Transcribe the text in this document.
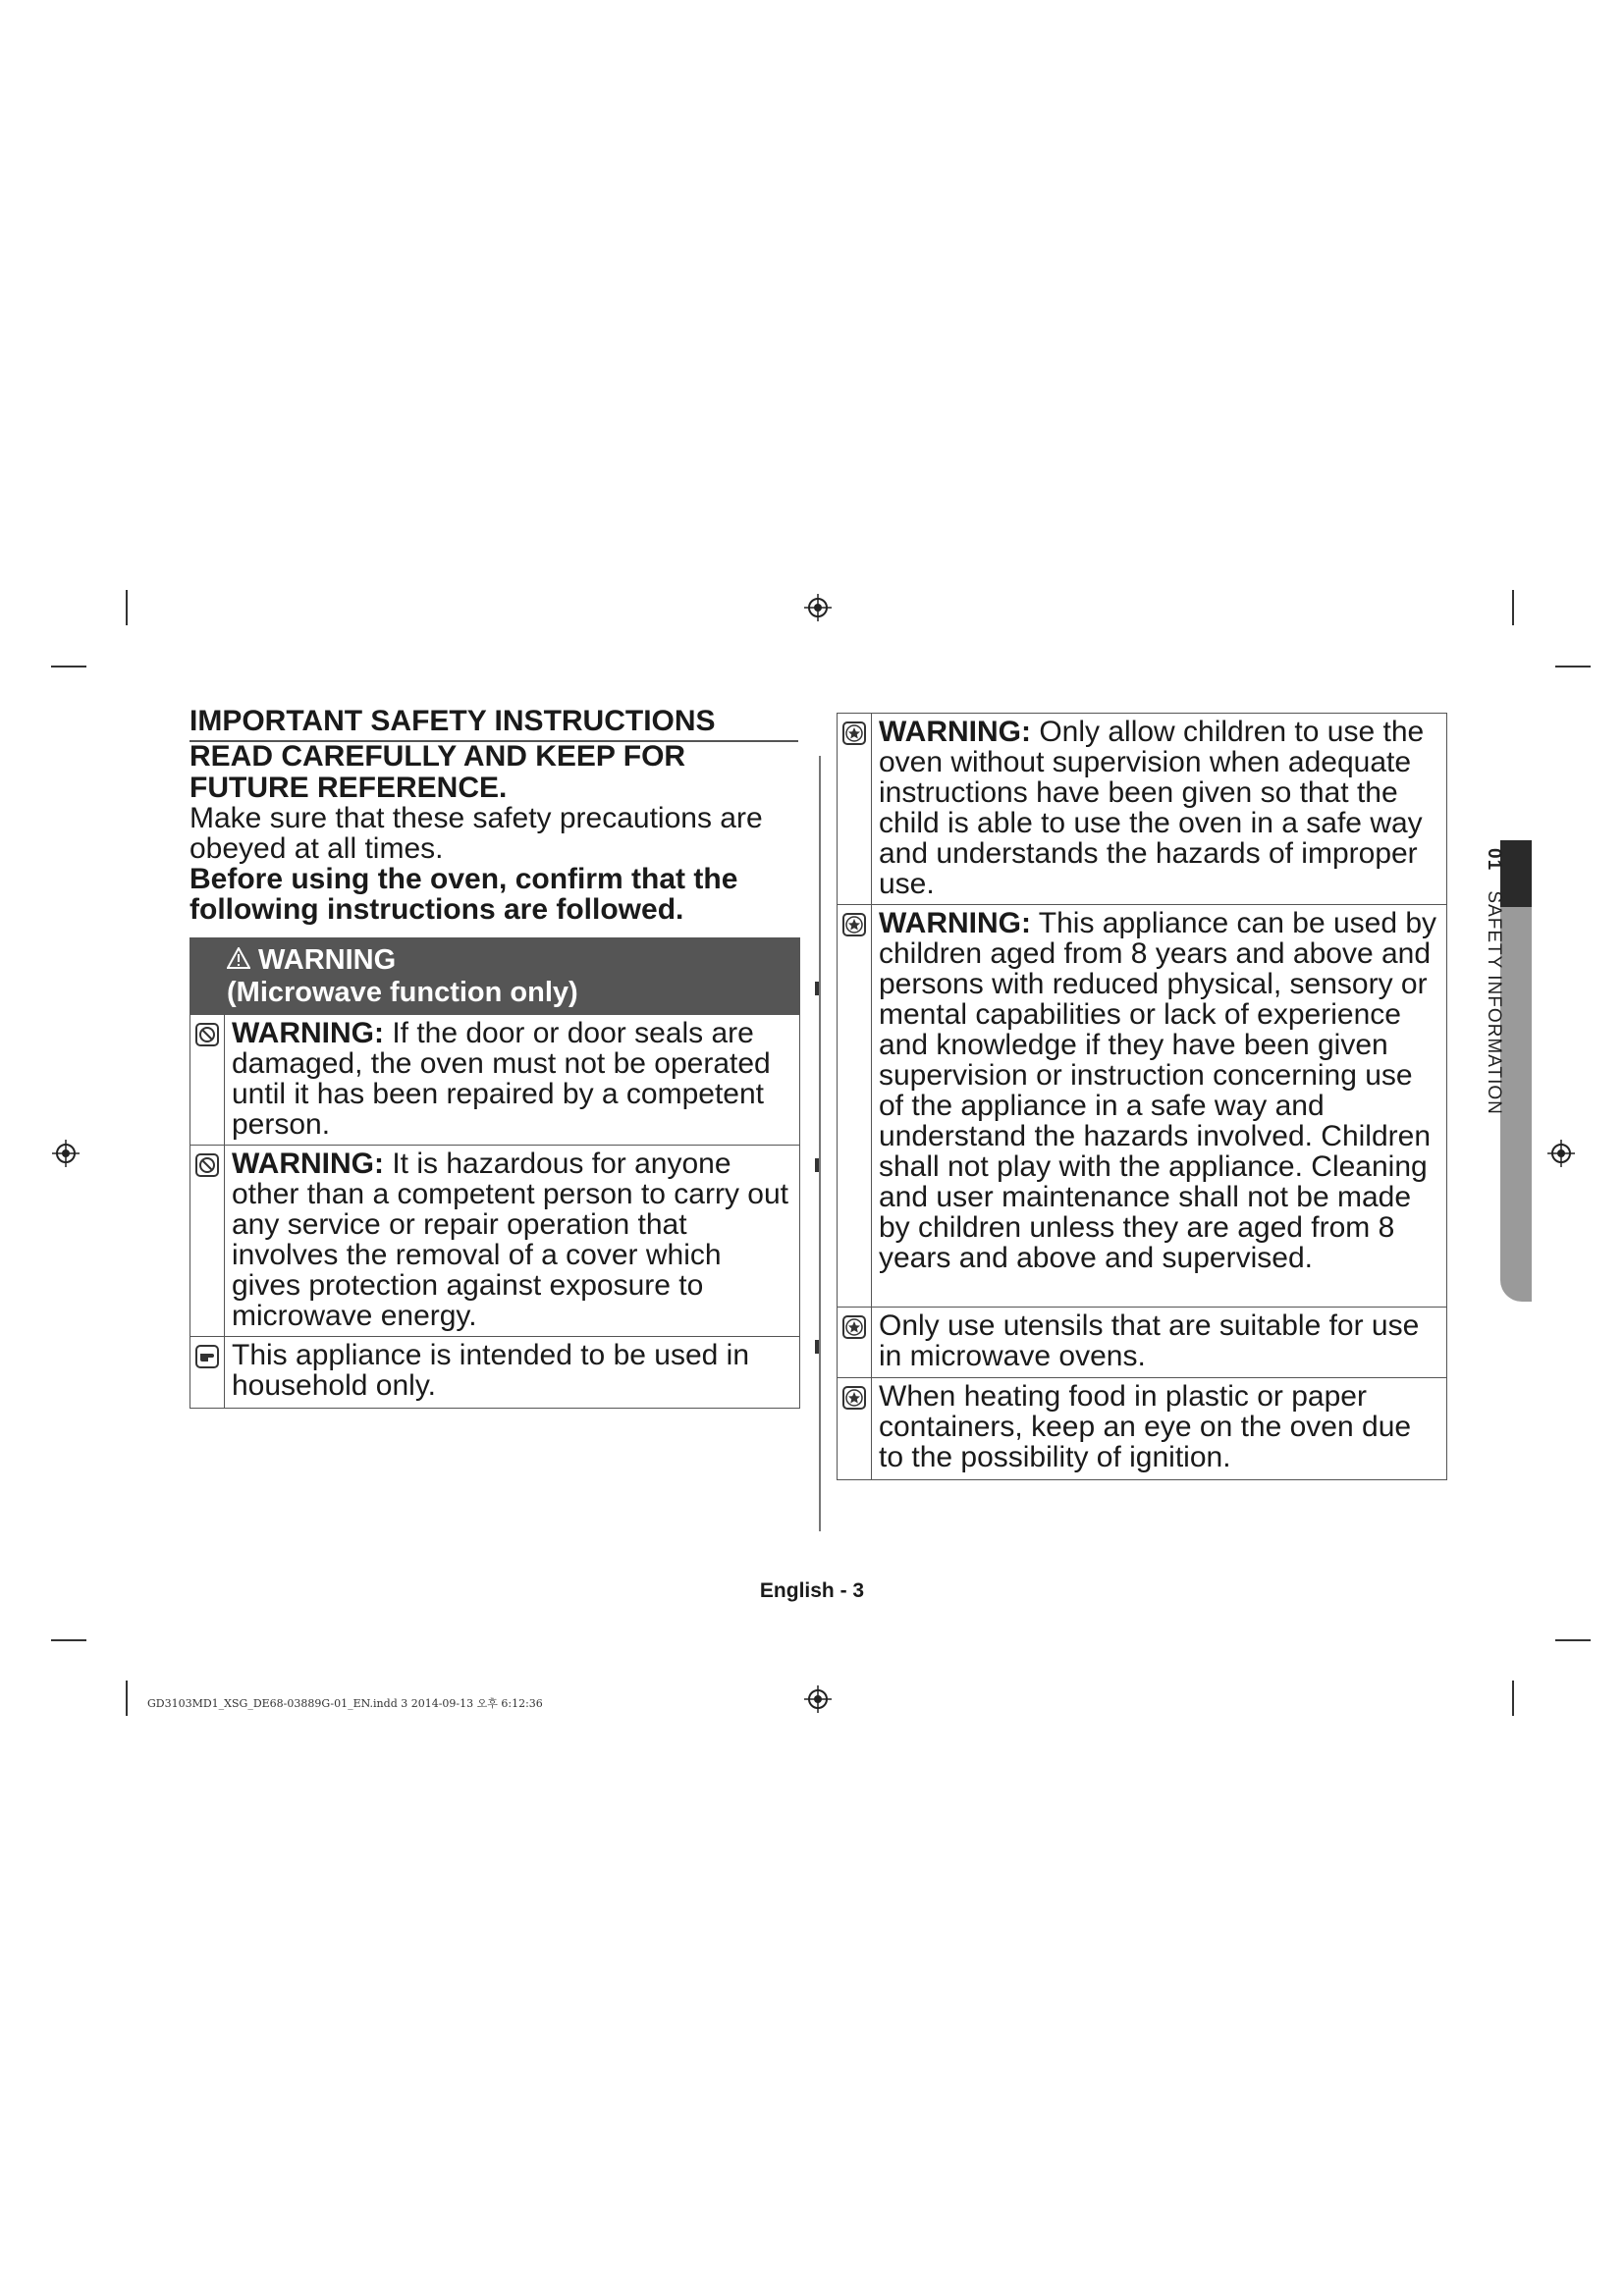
IMPORTANT SAFETY INSTRUCTIONS
READ CAREFULLY AND KEEP FOR FUTURE REFERENCE.
Make sure that these safety precautions are obeyed at all times.
Before using the oven, confirm that the following instructions are followed.
WARNING
(Microwave function only)
WARNING: If the door or door seals are damaged, the oven must not be operated until it has been repaired by a competent person.
WARNING: It is hazardous for anyone other than a competent person to carry out any service or repair operation that involves the removal of a cover which gives protection against exposure to microwave energy.
This appliance is intended to be used in household only.
WARNING: Only allow children to use the oven without supervision when adequate instructions have been given so that the child is able to use the oven in a safe way and understands the hazards of improper use.
WARNING: This appliance can be used by children aged from 8 years and above and persons with reduced physical, sensory or mental capabilities or lack of experience and knowledge if they have been given supervision or instruction concerning use of the appliance in a safe way and understand the hazards involved. Children shall not play with the appliance. Cleaning and user maintenance shall not be made by children unless they are aged from 8 years and above and supervised.
Only use utensils that are suitable for use in microwave ovens.
When heating food in plastic or paper containers, keep an eye on the oven due to the possibility of ignition.
01 SAFETY INFORMATION
English - 3
GD3103MD1_XSG_DE68-03889G-01_EN.indd 3 2014-09-13 오후 6:12:36
